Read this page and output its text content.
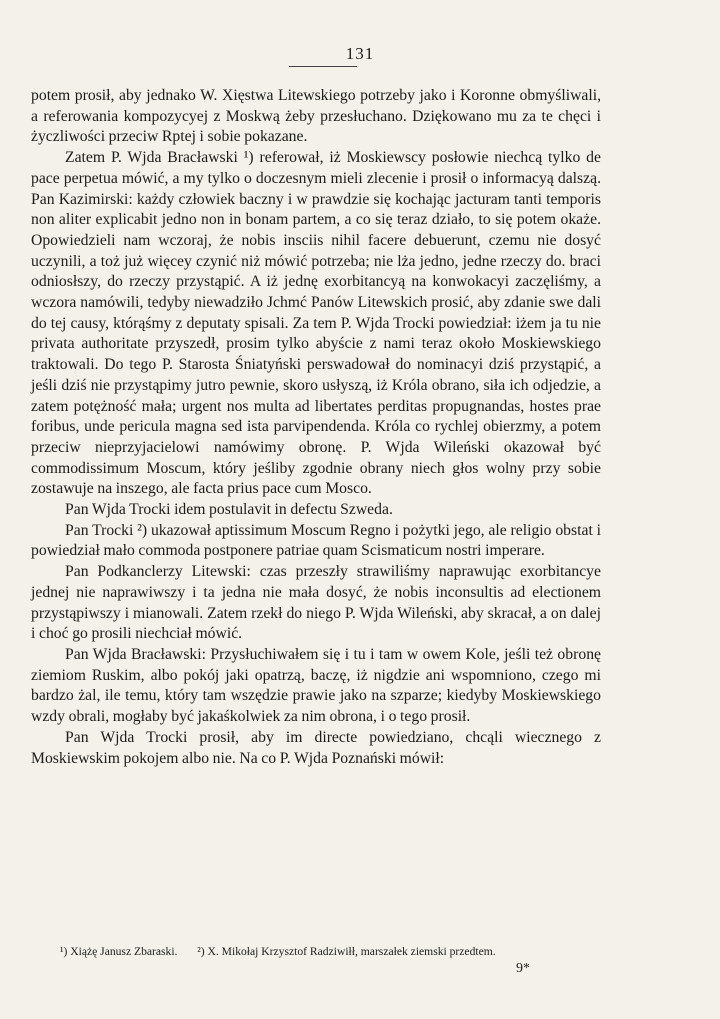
131

potem prosił, aby jednako W. Xięstwa Litewskiego potrzeby jako i Koronne obmyśliwali, a referowania kompozycyej z Moskwą żeby przesłuchano. Dziękowano mu za te chęci i życzliwości przeciw Rptej i sobie pokazane.

Zatem P. Wjda Bracławski ¹) referował, iż Moskiewscy posłowie niechcą tylko de pace perpetua mówić, a my tylko o doczesnym mieli zlecenie i prosił o informacyą dalszą. Pan Kazimirski: każdy człowiek baczny i w prawdzie się kochając jacturam tanti temporis non aliter explicabit jedno non in bonam partem, a co się teraz działo, to się potem okaże. Opowiedzieli nam wczoraj, że nobis insciis nihil facere debuerunt, czemu nie dosyć uczynili, a toż już więcey czynić niż mówić potrzeba; nie lża jedno, jedne rzeczy do. braci odniosłszy, do rzeczy przystąpić. A iż jednę exorbitancyą na konwokacyi zaczęliśmy, a wczora namówili, tedyby niewadziło Jchmć Panów Litewskich prosić, aby zdanie swe dali do tej causy, którąśmy z deputaty spisali. Za tem P. Wjda Trocki powiedział: iżem ja tu nie privata authoritate przyszedł, prosim tylko abyście z nami teraz około Moskiewskiego traktowali. Do tego P. Starosta Śniatyński perswadował do nominacyi dziś przystąpić, a jeśli dziś nie przystąpimy jutro pewnie, skoro usłyszą, iż Króla obrano, siła ich odjedzie, a zatem potężność mała; urgent nos multa ad libertates perditas propugnandas, hostes prae foribus, unde pericula magna sed ista parvipendenda. Króla co rychlej obierzmy, a potem przeciw nieprzyjacielowi namówimy obronę. P. Wjda Wileński okazował być commodissimum Moscum, który jeśliby zgodnie obrany niech głos wolny przy sobie zostawuje na inszego, ale facta prius pace cum Mosco.

Pan Wjda Trocki idem postulavit in defectu Szweda.

Pan Trocki ²) ukazował aptissimum Moscum Regno i pożytki jego, ale religio obstat i powiedział mało commoda postponere patriae quam Scismaticum nostri imperare.

Pan Podkanclerzy Litewski: czas przeszły strawiliśmy naprawując exorbitancye jednej nie naprawiwszy i ta jedna nie mała dosyć, że nobis inconsultis ad electionem przystąpiwszy i mianowali. Zatem rzekł do niego P. Wjda Wileński, aby skracał, a on dalej i choć go prosili niechciał mówić.

Pan Wjda Bracławski: Przysłuchiwałem się i tu i tam w owem Kole, jeśli też obronę ziemiom Ruskim, albo pokój jaki opatrzą, baczę, iż nigdzie ani wspomniono, czego mi bardzo żal, ile temu, który tam wszędzie prawie jako na szparze; kiedyby Moskiewskiego wzdy obrali, mogłaby być jakaśkolwiek za nim obrona, i o tego prosił.

Pan Wjda Trocki prosił, aby im directe powiedziano, chcąli wiecznego z Moskiewskim pokojem albo nie. Na co P. Wjda Poznański mówił:

¹) Xiążę Janusz Zbaraski. ²) X. Mikołaj Krzysztof Radziwiłł, marszałek ziemski przedtem.
9*
